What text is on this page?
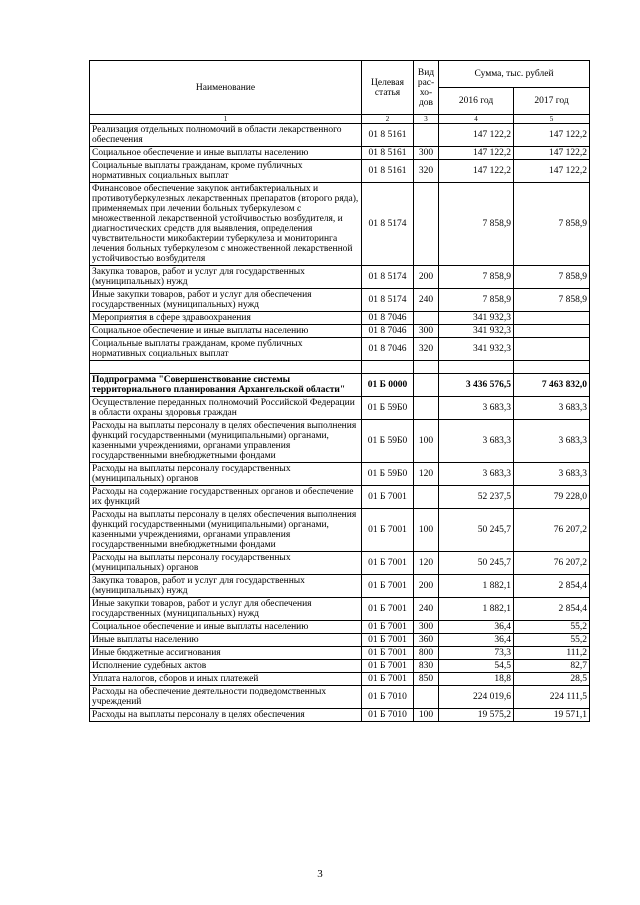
Наименование	Целевая статья	Вид рас- хо- дов	Сумма, тыс. рублей	
			2016 год	2017 год
1	2	3	4	5
Реализация отдельных полномочий в области лекарственного обеспечения	01 8 5161		147 122,2	147 122,2
Социальное обеспечение и иные выплаты населению	01 8 5161	300	147 122,2	147 122,2
Социальные выплаты гражданам, кроме публичных нормативных социальных выплат	01 8 5161	320	147 122,2	147 122,2
Финансовое обеспечение закупок антибактериальных и противотуберкулезных лекарственных препаратов (второго ряда), применяемых при лечении больных туберкулезом с множественной лекарственной устойчивостью возбудителя, и диагностических средств для выявления, определения чувствительности микобактерии туберкулеза и мониторинга лечения больных туберкулезом с множественной лекарственной устойчивостью возбудителя	01 8 5174		7 858,9	7 858,9
Закупка товаров, работ и услуг для государственных (муниципальных) нужд	01 8 5174	200	7 858,9	7 858,9
Иные закупки товаров, работ и услуг для обеспечения государственных (муниципальных) нужд	01 8 5174	240	7 858,9	7 858,9
Мероприятия в сфере здравоохранения	01 8 7046		341 932,3	
Социальное обеспечение и иные выплаты населению	01 8 7046	300	341 932,3	
Социальные выплаты гражданам, кроме публичных нормативных социальных выплат	01 8 7046	320	341 932,3	

Подпрограмма "Совершенствование системы территориального планирования Архангельской области"	01 Б 0000		3 436 576,5	7 463 832,0
Осуществление переданных полномочий Российской Федерации в области охраны здоровья граждан	01 Б 59Б0		3 683,3	3 683,3
Расходы на выплаты персоналу в целях обеспечения выполнения функций государственными (муниципальными) органами, казенными учреждениями, органами управления государственными внебюджетными фондами	01 Б 59Б0	100	3 683,3	3 683,3
Расходы на выплаты персоналу государственных (муниципальных) органов	01 Б 59Б0	120	3 683,3	3 683,3
Расходы на содержание государственных органов и обеспечение их функций	01 Б 7001		52 237,5	79 228,0
Расходы на выплаты персоналу в целях обеспечения выполнения функций государственными (муниципальными) органами, казенными учреждениями, органами управления государственными внебюджетными фондами	01 Б 7001	100	50 245,7	76 207,2
Расходы на выплаты персоналу государственных (муниципальных) органов	01 Б 7001	120	50 245,7	76 207,2
Закупка товаров, работ и услуг для государственных (муниципальных) нужд	01 Б 7001	200	1 882,1	2 854,4
Иные закупки товаров, работ и услуг для обеспечения государственных (муниципальных) нужд	01 Б 7001	240	1 882,1	2 854,4
Социальное обеспечение и иные выплаты населению	01 Б 7001	300	36,4	55,2
Иные выплаты населению	01 Б 7001	360	36,4	55,2
Иные бюджетные ассигнования	01 Б 7001	800	73,3	111,2
Исполнение судебных актов	01 Б 7001	830	54,5	82,7
Уплата налогов, сборов и иных платежей	01 Б 7001	850	18,8	28,5
Расходы на обеспечение деятельности подведомственных учреждений	01 Б 7010		224 019,6	224 111,5
Расходы на выплаты персоналу в целях обеспечения	01 Б 7010	100	19 575,2	19 571,1
3
